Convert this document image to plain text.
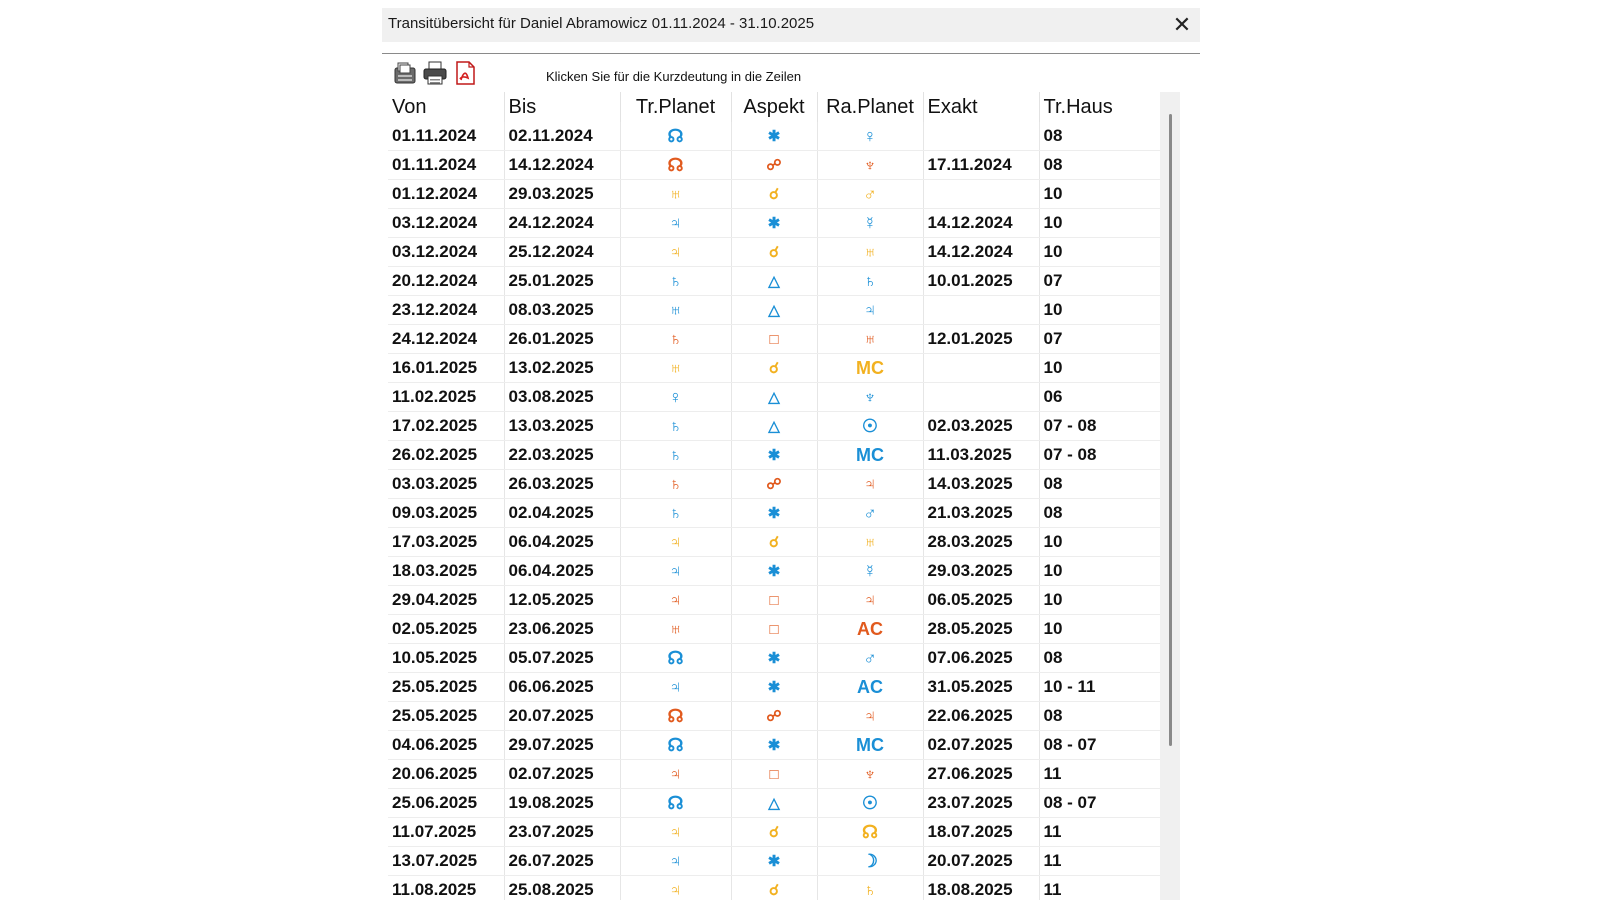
Transitübersicht für Daniel Abramowicz 01.11.2024 - 31.10.2025	✕
Klicken Sie für die Kurzdeutung in die Zeilen
Von	Bis	Tr.Planet	Aspekt	Ra.Planet	Exakt	Tr.Haus
01.11.2024	02.11.2024	☊	✱	♀		08
01.11.2024	14.12.2024	☊	☍	♆	17.11.2024	08
01.12.2024	29.03.2025	♅	☌	♂		10
03.12.2024	24.12.2024	♃	✱	☿	14.12.2024	10
03.12.2024	25.12.2024	♃	☌	♅	14.12.2024	10
20.12.2024	25.01.2025	♄	△	♄	10.01.2025	07
23.12.2024	08.03.2025	♅	△	♃		10
24.12.2024	26.01.2025	♄	□	♅	12.01.2025	07
16.01.2025	13.02.2025	♅	☌	MC		10
11.02.2025	03.08.2025	♀	△	♆		06
17.02.2025	13.03.2025	♄	△	☉	02.03.2025	07 - 08
26.02.2025	22.03.2025	♄	✱	MC	11.03.2025	07 - 08
03.03.2025	26.03.2025	♄	☍	♃	14.03.2025	08
09.03.2025	02.04.2025	♄	✱	♂	21.03.2025	08
17.03.2025	06.04.2025	♃	☌	♅	28.03.2025	10
18.03.2025	06.04.2025	♃	✱	☿	29.03.2025	10
29.04.2025	12.05.2025	♃	□	♃	06.05.2025	10
02.05.2025	23.06.2025	♅	□	AC	28.05.2025	10
10.05.2025	05.07.2025	☊	✱	♂	07.06.2025	08
25.05.2025	06.06.2025	♃	✱	AC	31.05.2025	10 - 11
25.05.2025	20.07.2025	☊	☍	♃	22.06.2025	08
04.06.2025	29.07.2025	☊	✱	MC	02.07.2025	08 - 07
20.06.2025	02.07.2025	♃	□	♆	27.06.2025	11
25.06.2025	19.08.2025	☊	△	☉	23.07.2025	08 - 07
11.07.2025	23.07.2025	♃	☌	☊	18.07.2025	11
13.07.2025	26.07.2025	♃	✱	☽	20.07.2025	11
11.08.2025	25.08.2025	♃	☌	♄	18.08.2025	11
